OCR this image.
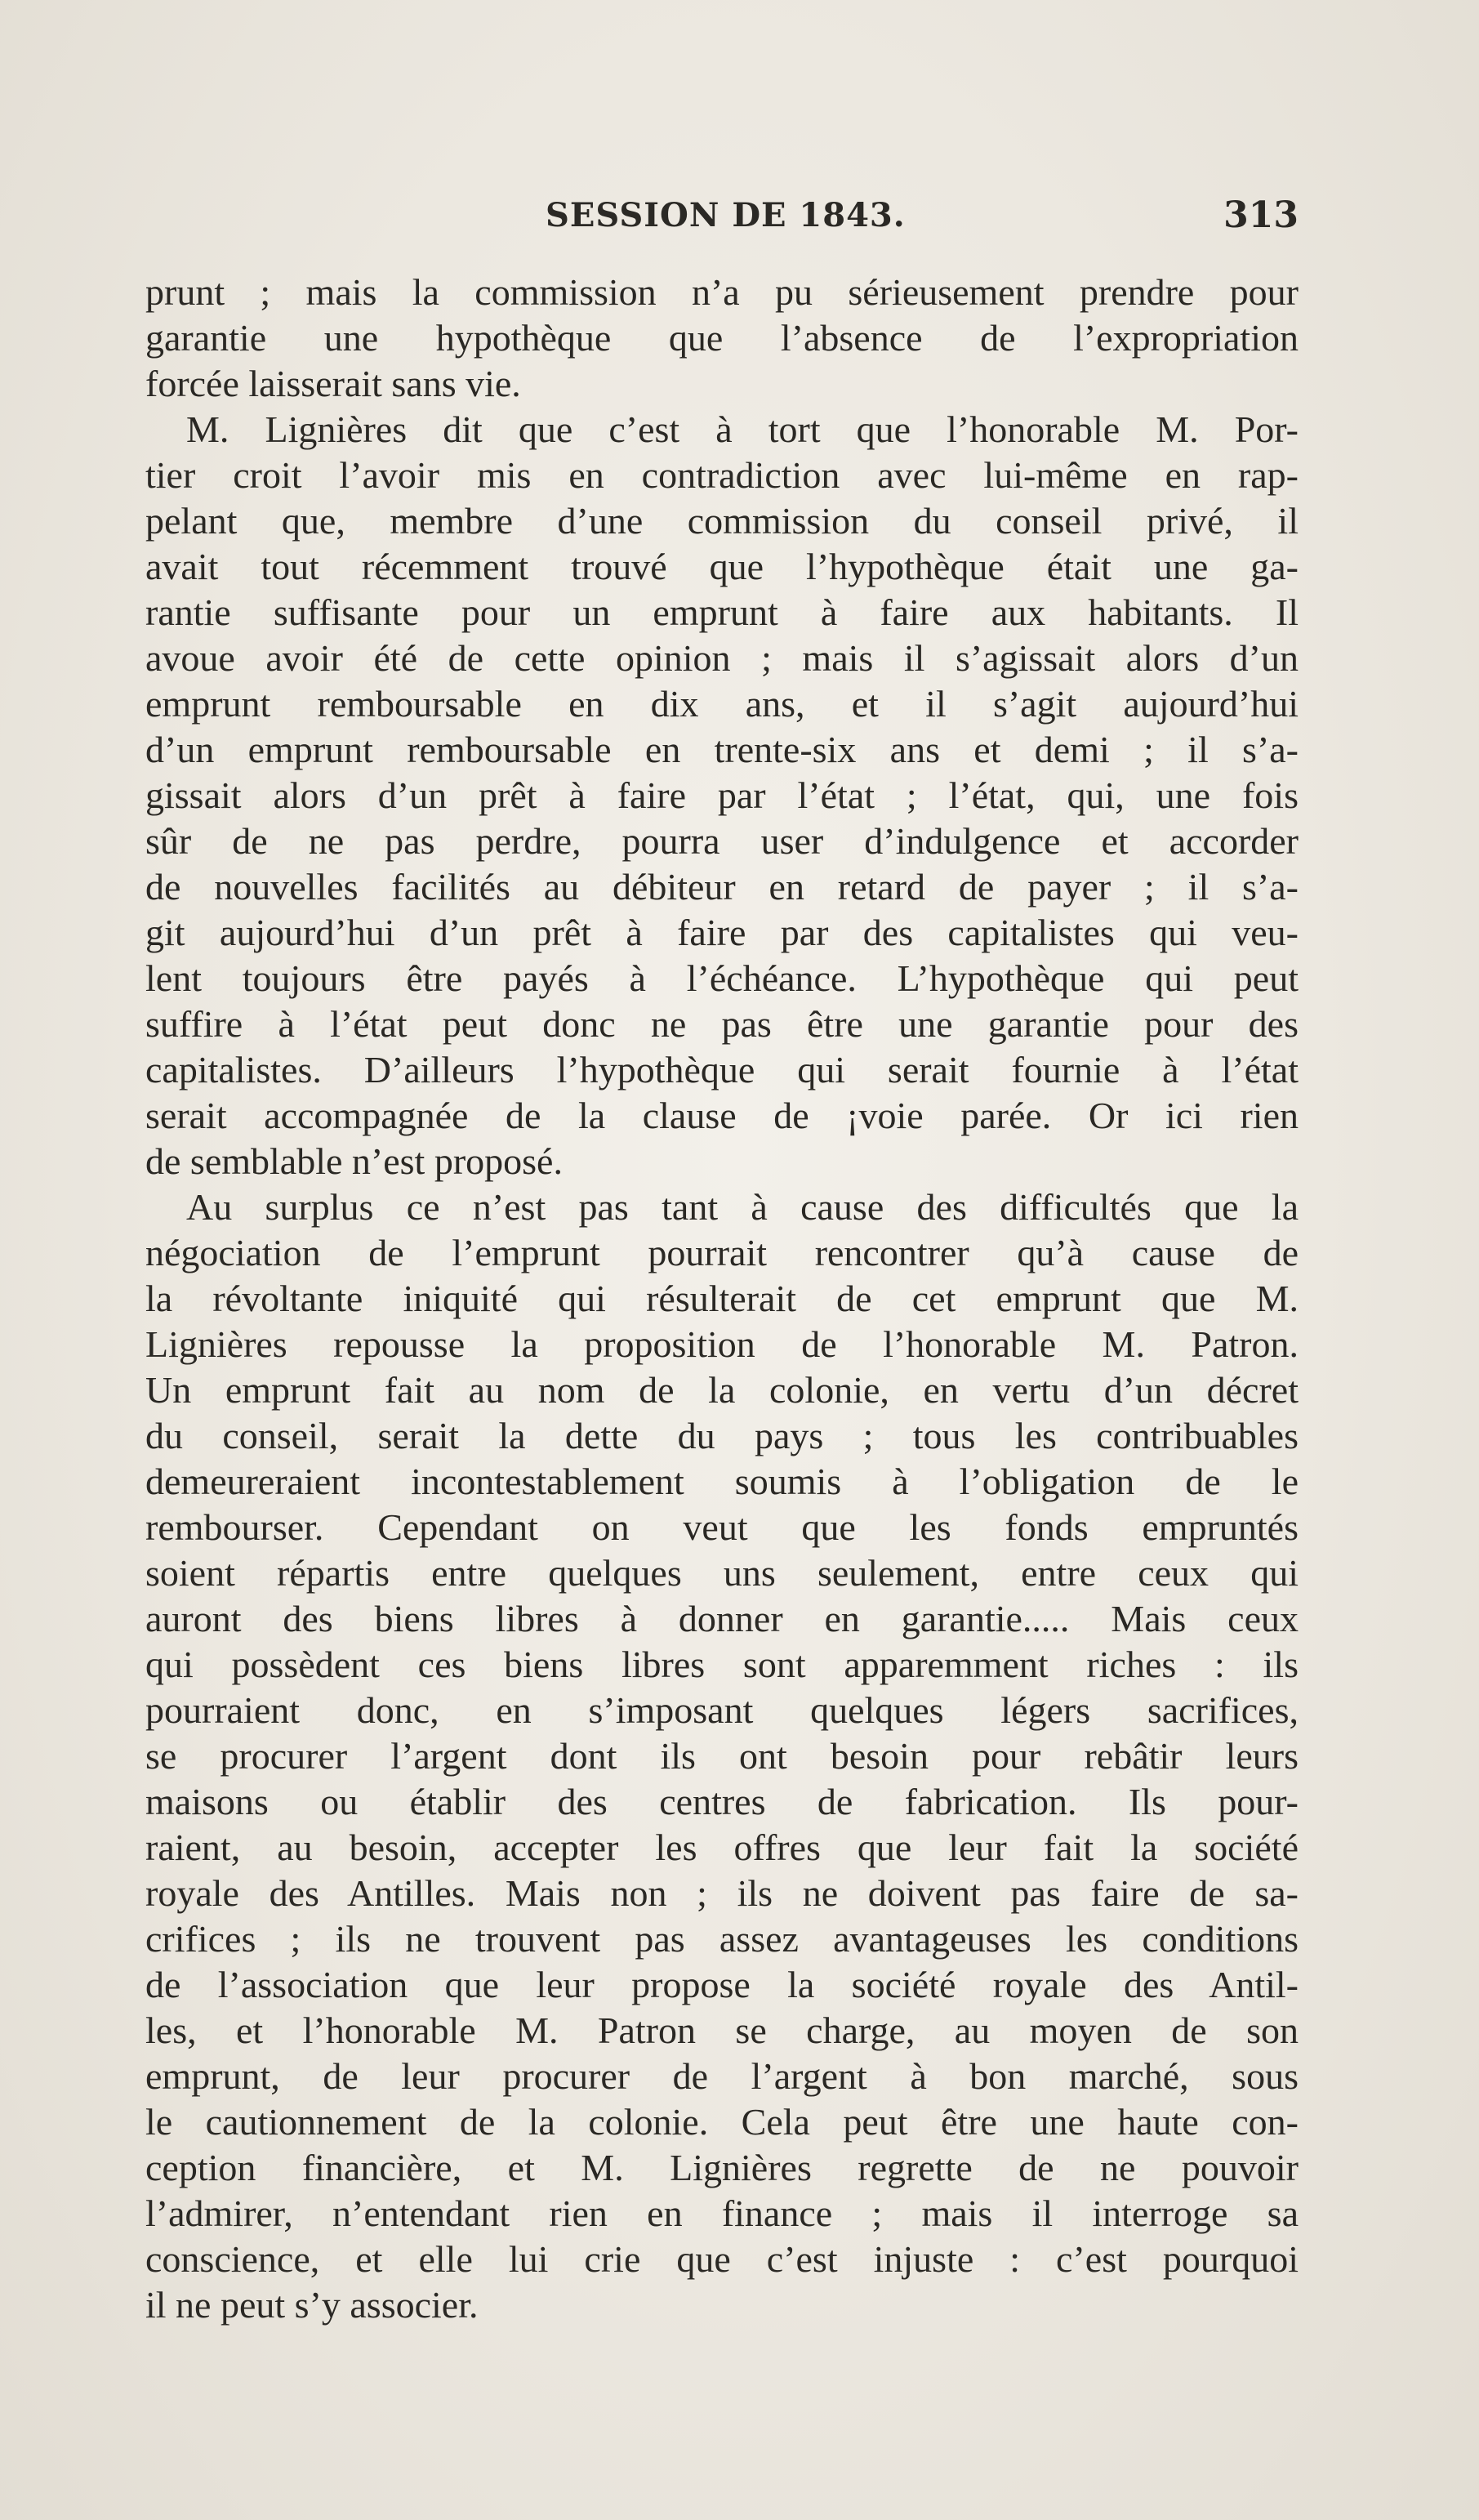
SESSION DE 1843.	313
prunt ; mais la commission n’a pu sérieusement prendre pour
garantie une hypothèque que l’absence de l’expropriation
forcée laisserait sans vie.
M. Lignières dit que c’est à tort que l’honorable M. Por-
tier croit l’avoir mis en contradiction avec lui-même en rap-
pelant que, membre d’une commission du conseil privé, il
avait tout récemment trouvé que l’hypothèque était une ga-
rantie suffisante pour un emprunt à faire aux habitants. Il
avoue avoir été de cette opinion ; mais il s’agissait alors d’un
emprunt remboursable en dix ans, et il s’agit aujourd’hui
d’un emprunt remboursable en trente-six ans et demi ; il s’a-
gissait alors d’un prêt à faire par l’état ; l’état, qui, une fois
sûr de ne pas perdre, pourra user d’indulgence et accorder
de nouvelles facilités au débiteur en retard de payer ; il s’a-
git aujourd’hui d’un prêt à faire par des capitalistes qui veu-
lent toujours être payés à l’échéance. L’hypothèque qui peut
suffire à l’état peut donc ne pas être une garantie pour des
capitalistes. D’ailleurs l’hypothèque qui serait fournie à l’état
serait accompagnée de la clause de ¡voie parée. Or ici rien
de semblable n’est proposé.
Au surplus ce n’est pas tant à cause des difficultés que la
négociation de l’emprunt pourrait rencontrer qu’à cause de
la révoltante iniquité qui résulterait de cet emprunt que M.
Lignières repousse la proposition de l’honorable M. Patron.
Un emprunt fait au nom de la colonie, en vertu d’un décret
du conseil, serait la dette du pays ; tous les contribuables
demeureraient incontestablement soumis à l’obligation de le
rembourser. Cependant on veut que les fonds empruntés
soient répartis entre quelques uns seulement, entre ceux qui
auront des biens libres à donner en garantie..... Mais ceux
qui possèdent ces biens libres sont apparemment riches : ils
pourraient donc, en s’imposant quelques légers sacrifices,
se procurer l’argent dont ils ont besoin pour rebâtir leurs
maisons ou établir des centres de fabrication. Ils pour-
raient, au besoin, accepter les offres que leur fait la société
royale des Antilles. Mais non ; ils ne doivent pas faire de sa-
crifices ; ils ne trouvent pas assez avantageuses les conditions
de l’association que leur propose la société royale des Antil-
les, et l’honorable M. Patron se charge, au moyen de son
emprunt, de leur procurer de l’argent à bon marché, sous
le cautionnement de la colonie. Cela peut être une haute con-
ception financière, et M. Lignières regrette de ne pouvoir
l’admirer, n’entendant rien en finance ; mais il interroge sa
conscience, et elle lui crie que c’est injuste : c’est pourquoi
il ne peut s’y associer.
